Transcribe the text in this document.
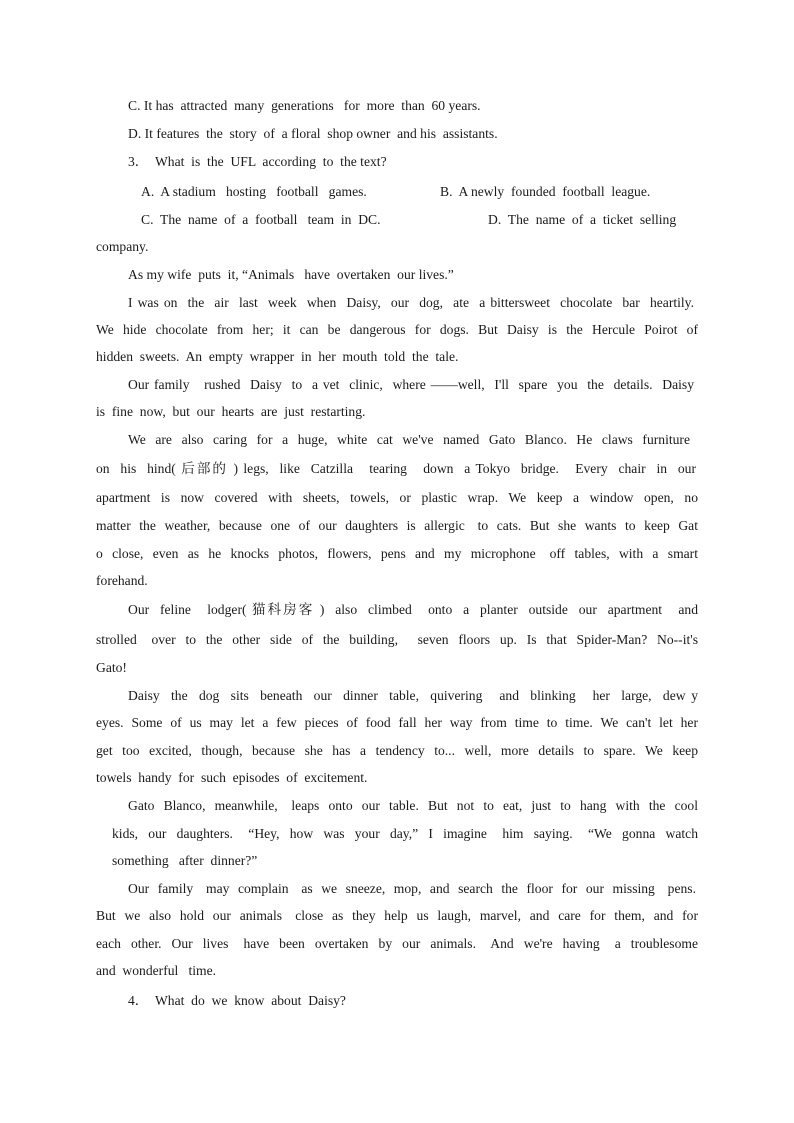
C. It has  attracted  many  generations   for  more  than  60 years.
D. It features  the  story  of  a floral  shop owner  and his  assistants.
3．  What  is  the  UFL  according  to  the text?
A.  A stadium   hosting   football   games.	B.  A newly  founded  football  league.
C.  The  name  of  a  football   team  in  DC.	D.  The  name  of  a  ticket  selling
company.
As my wife  puts  it, “Animals   have  overtaken  our lives.”
I was on  the  air  last  week  when  Daisy,  our  dog,  ate  a bittersweet  chocolate  bar  heartily.
We  hide  chocolate  from  her;  it  can  be  dangerous  for  dogs.  But  Daisy  is  the  Hercule  Poirot  of
hidden  sweets.  An  empty  wrapper  in  her  mouth  told  the  tale.
Our family   rushed  Daisy  to  a vet  clinic,  where ——well,  I'll  spare  you  the  details.  Daisy
is  fine  now,  but  our  hearts  are  just  restarting.
We  are  also  caring  for  a  huge,  white  cat  we've  named  Gato  Blanco.  He  claws  furniture
on  his  hind( 后部的 ) legs,  like  Catzilla   tearing   down  a Tokyo  bridge.   Every  chair  in  our
apartment  is  now  covered  with  sheets,  towels,  or  plastic  wrap.  We  keep  a  window  open,  no
matter  the  weather,  because  one  of  our  daughters  is  allergic   to  cats.  But  she  wants  to  keep  Gat
o  close,  even  as  he  knocks  photos,  flowers,  pens  and  my  microphone   off  tables,  with  a  smart
forehand.
Our  feline   lodger( 猫科房客 )  also  climbed   onto  a  planter  outside  our  apartment   and
strolled   over  to  the  other  side  of  the  building,    seven  floors  up.  Is  that  Spider-Man?  No--it's
Gato!
Daisy  the  dog  sits  beneath  our  dinner  table,  quivering   and  blinking   her  large,  dew y
eyes.  Some  of  us  may  let  a  few  pieces  of  food  fall  her  way  from  time  to  time.  We  can't  let  her
get  too  excited,  though,  because  she  has  a  tendency  to...  well,  more  details  to  spare.  We  keep
towels  handy  for  such  episodes  of  excitement.
Gato  Blanco,  meanwhile,   leaps  onto  our  table.  But  not  to  eat,  just  to  hang  with  the  cool
kids,  our  daughters.   “Hey,  how  was  your  day,”  I  imagine   him  saying.   “We  gonna  watch
something   after  dinner?”
Our  family   may  complain   as  we  sneeze,  mop,  and  search  the  floor  for  our  missing   pens.
But  we  also  hold  our  animals   close  as  they  help  us  laugh,  marvel,  and  care  for  them,  and  for
each  other.  Our  lives   have  been  overtaken  by  our  animals.   And  we're  having   a  troublesome
and  wonderful   time.
4．  What  do  we  know  about  Daisy?
